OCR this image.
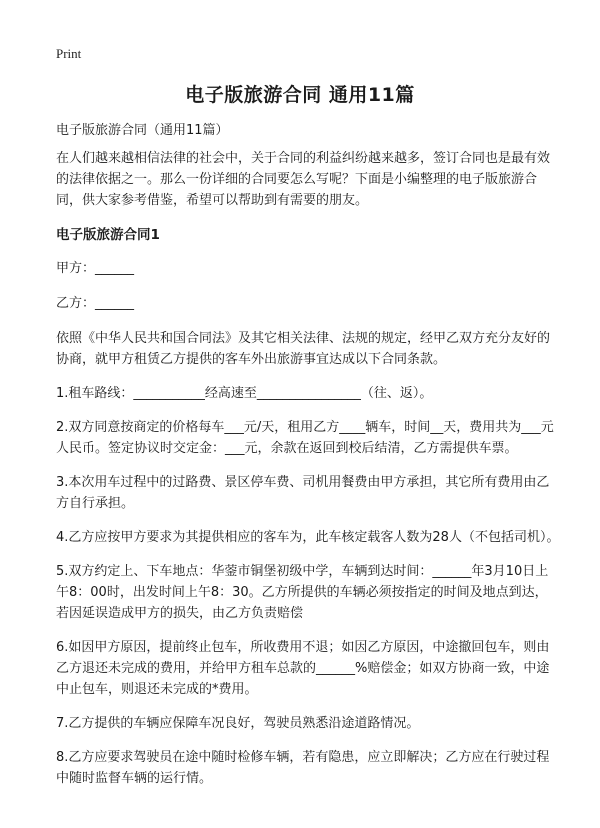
Print
电子版旅游合同 通用11篇

电子版旅游合同（通用11篇）

在人们越来越相信法律的社会中，关于合同的利益纠纷越来越多，签订合同也是最有效的法律依据之一。那么一份详细的合同要怎么写呢？下面是小编整理的电子版旅游合同，供大家参考借鉴，希望可以帮助到有需要的朋友。

电子版旅游合同1

甲方：______

乙方：______

依照《中华人民共和国合同法》及其它相关法律、法规的规定，经甲乙双方充分友好的协商，就甲方租赁乙方提供的客车外出旅游事宜达成以下合同条款。

1.租车路线：___________经高速至________________（往、返）。

2.双方同意按商定的价格每车___元/天，租用乙方____辆车，时间__天，费用共为___元人民币。签定协议时交定金：___元，余款在返回到校后结清，乙方需提供车票。

3.本次用车过程中的过路费、景区停车费、司机用餐费由甲方承担，其它所有费用由乙方自行承担。

4.乙方应按甲方要求为其提供相应的客车为，此车核定载客人数为28人（不包括司机）。

5.双方约定上、下车地点：华蓥市铜堡初级中学，车辆到达时间：______年3月10日上午8：00时，出发时间上午8：30。乙方所提供的车辆必须按指定的时间及地点到达，若因延误造成甲方的损失，由乙方负责赔偿

6.如因甲方原因，提前终止包车，所收费用不退；如因乙方原因，中途撤回包车，则由乙方退还未完成的费用，并给甲方租车总款的______%赔偿金；如双方协商一致，中途中止包车，则退还未完成的*费用。

7.乙方提供的车辆应保障车况良好，驾驶员熟悉沿途道路情况。

8.乙方应要求驾驶员在途中随时检修车辆，若有隐患，应立即解决；乙方应在行驶过程中随时监督车辆的运行情。
